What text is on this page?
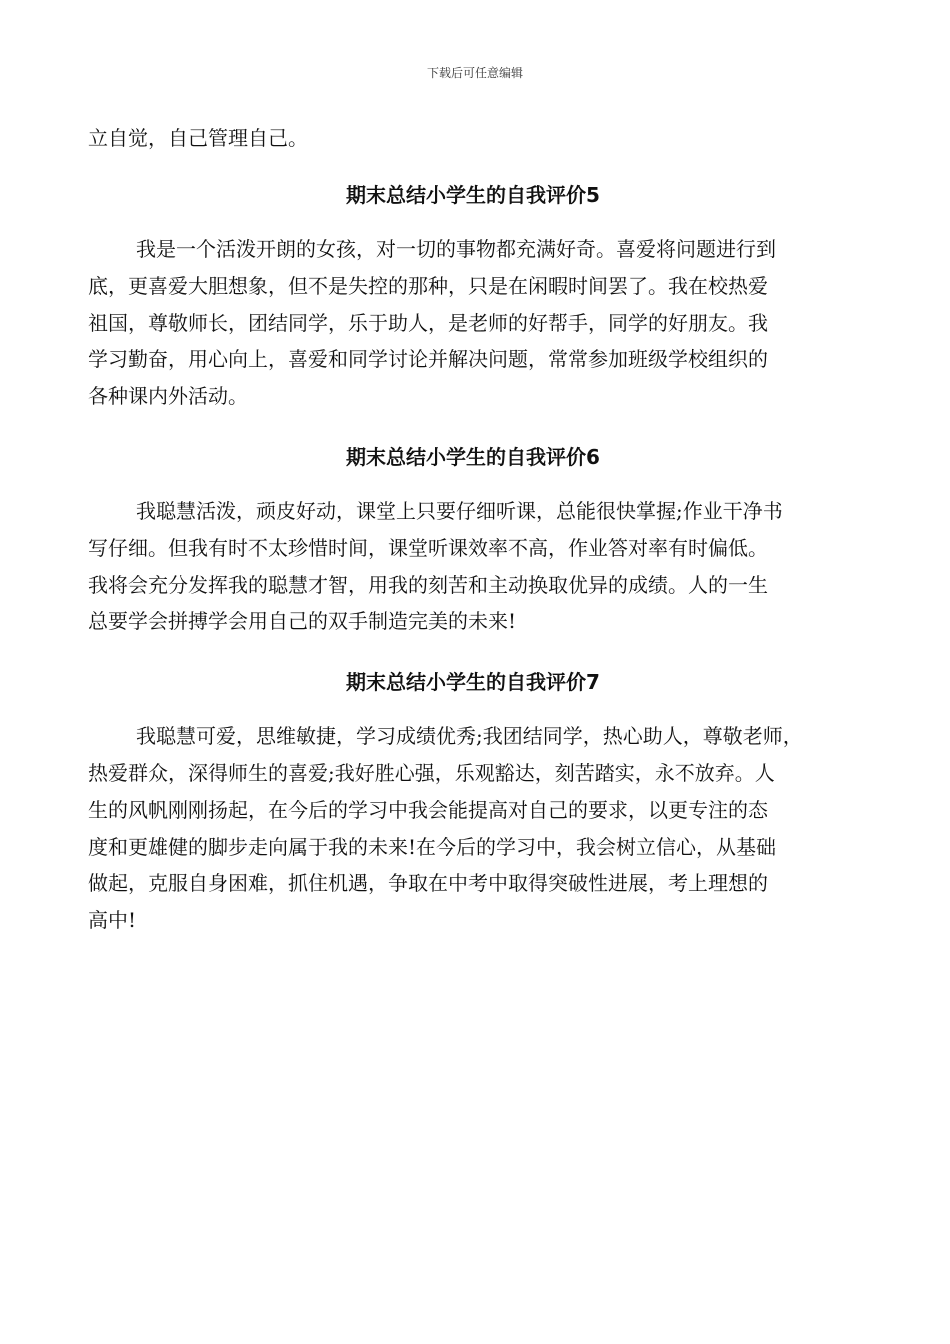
下载后可任意编辑
立自觉，自己管理自己。
期末总结小学生的自我评价5
我是一个活泼开朗的女孩，对一切的事物都充满好奇。喜爱将问题进行到
底，更喜爱大胆想象，但不是失控的那种，只是在闲暇时间罢了。我在校热爱
祖国，尊敬师长，团结同学，乐于助人，是老师的好帮手，同学的好朋友。我
学习勤奋，用心向上，喜爱和同学讨论并解决问题，常常参加班级学校组织的
各种课内外活动。
期末总结小学生的自我评价6
我聪慧活泼，顽皮好动，课堂上只要仔细听课，总能很快掌握;作业干净书
写仔细。但我有时不太珍惜时间，课堂听课效率不高，作业答对率有时偏低。
我将会充分发挥我的聪慧才智，用我的刻苦和主动换取优异的成绩。人的一生
总要学会拼搏学会用自己的双手制造完美的未来!
期末总结小学生的自我评价7
我聪慧可爱，思维敏捷，学习成绩优秀;我团结同学，热心助人，尊敬老师，
热爱群众，深得师生的喜爱;我好胜心强，乐观豁达，刻苦踏实，永不放弃。人
生的风帆刚刚扬起，在今后的学习中我会能提高对自己的要求，以更专注的态
度和更雄健的脚步走向属于我的未来!在今后的学习中，我会树立信心，从基础
做起，克服自身困难，抓住机遇，争取在中考中取得突破性进展，考上理想的
高中!
